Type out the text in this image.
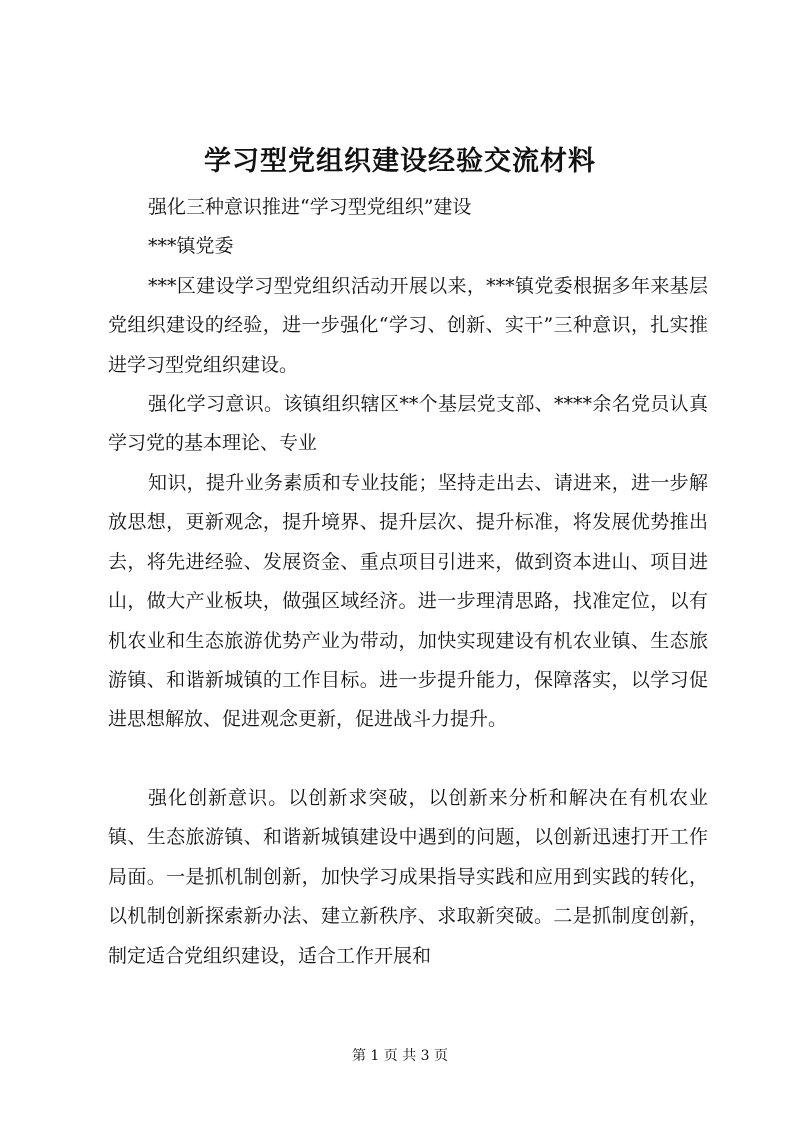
学习型党组织建设经验交流材料
强化三种意识推进“学习型党组织”建设
***镇党委
***区建设学习型党组织活动开展以来，***镇党委根据多年来基层党组织建设的经验，进一步强化“学习、创新、实干”三种意识，扎实推进学习型党组织建设。
强化学习意识。该镇组织辖区**个基层党支部、****余名党员认真学习党的基本理论、专业
知识，提升业务素质和专业技能；坚持走出去、请进来，进一步解放思想，更新观念，提升境界、提升层次、提升标准，将发展优势推出去，将先进经验、发展资金、重点项目引进来，做到资本进山、项目进山，做大产业板块，做强区域经济。进一步理清思路，找准定位，以有机农业和生态旅游优势产业为带动，加快实现建设有机农业镇、生态旅游镇、和谐新城镇的工作目标。进一步提升能力，保障落实，以学习促进思想解放、促进观念更新，促进战斗力提升。
强化创新意识。以创新求突破，以创新来分析和解决在有机农业镇、生态旅游镇、和谐新城镇建设中遇到的问题，以创新迅速打开工作局面。一是抓机制创新，加快学习成果指导实践和应用到实践的转化，以机制创新探索新办法、建立新秩序、求取新突破。二是抓制度创新，制定适合党组织建设，适合工作开展和
第 1 页 共 3 页
